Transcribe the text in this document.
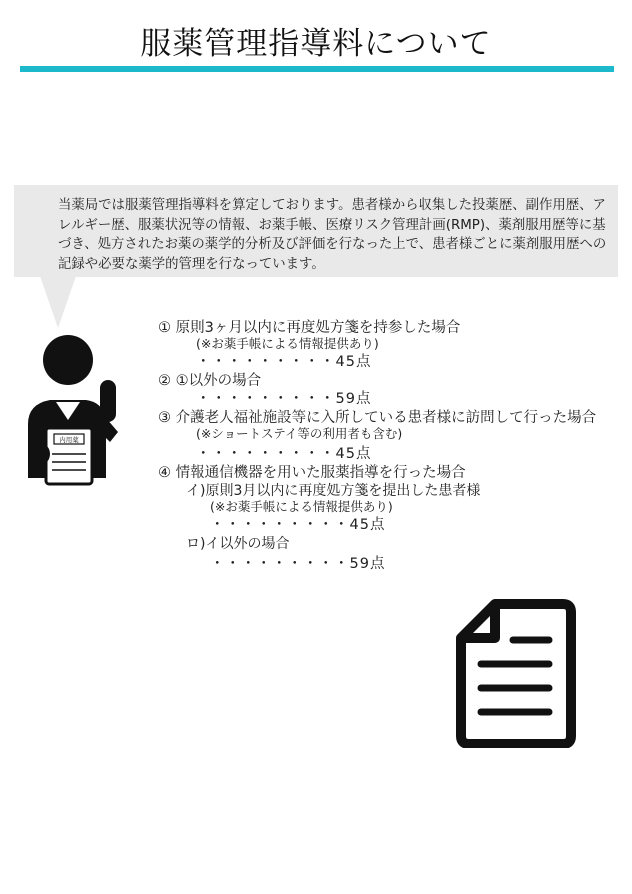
服薬管理指導料について

当薬局では服薬管理指導料を算定しております。患者様から収集した投薬歴、副作用歴、アレルギー歴、服薬状況等の情報、お薬手帳、医療リスク管理計画(RMP)、薬剤服用歴等に基づき、処方されたお薬の薬学的分析及び評価を行なった上で、患者様ごとに薬剤服用歴への記録や必要な薬学的管理を行なっています。

内用薬
① 原則3ヶ月以内に再度処方箋を持参した場合
(※お薬手帳による情報提供あり)
・・・・・・・・・45点
② ①以外の場合
・・・・・・・・・59点
③ 介護老人福祉施設等に入所している患者様に訪問して行った場合
(※ショートステイ等の利用者も含む)
・・・・・・・・・45点
④ 情報通信機器を用いた服薬指導を行った場合
イ)原則3月以内に再度処方箋を提出した患者様
(※お薬手帳による情報提供あり)
・・・・・・・・・45点
ロ)イ以外の場合
・・・・・・・・・59点
